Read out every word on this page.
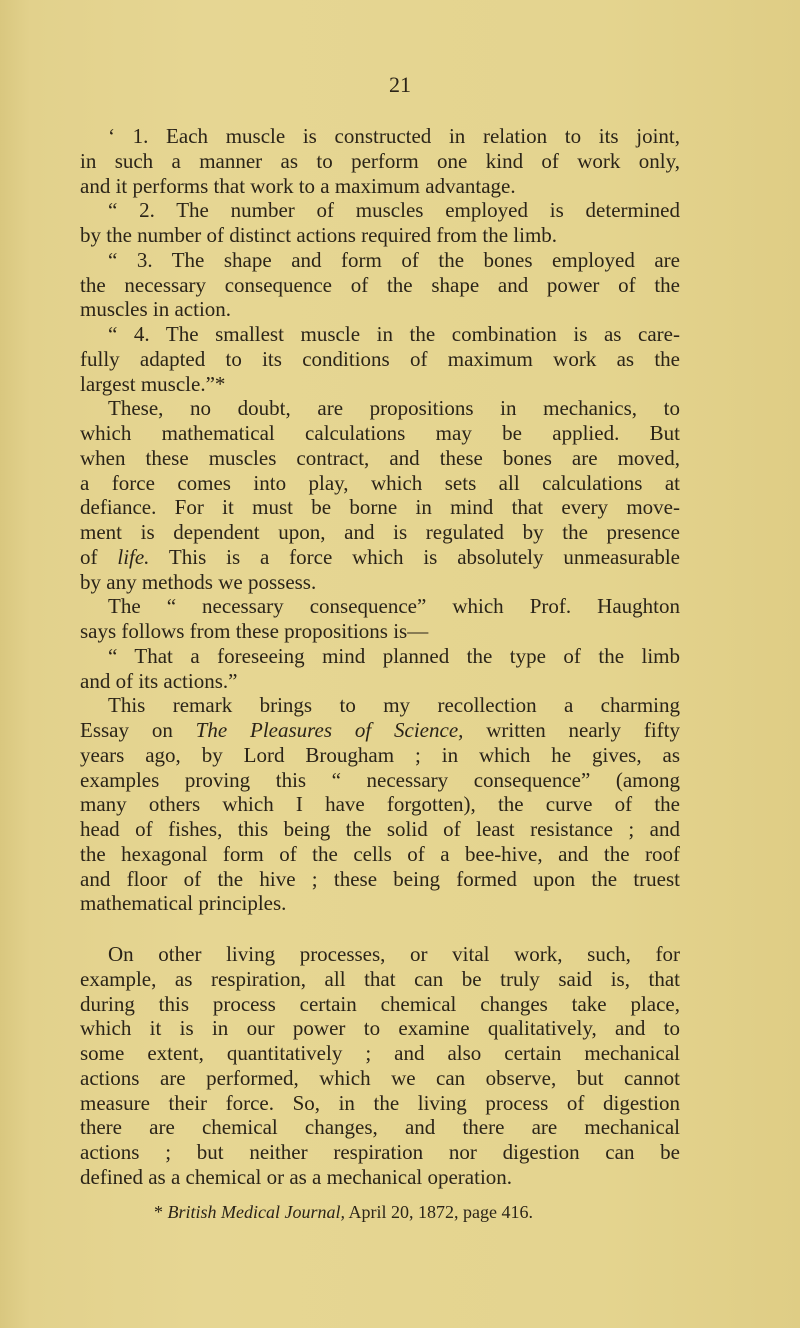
21
‘ 1. Each muscle is constructed in relation to its joint,
in such a manner as to perform one kind of work only,
and it performs that work to a maximum advantage.
“ 2. The number of muscles employed is determined
by the number of distinct actions required from the limb.
“ 3. The shape and form of the bones employed are
the necessary consequence of the shape and power of the
muscles in action.
“ 4. The smallest muscle in the combination is as care-
fully adapted to its conditions of maximum work as the
largest muscle.”*
These, no doubt, are propositions in mechanics, to
which mathematical calculations may be applied. But
when these muscles contract, and these bones are moved,
a force comes into play, which sets all calculations at
defiance. For it must be borne in mind that every move-
ment is dependent upon, and is regulated by the presence
of life. This is a force which is absolutely unmeasurable
by any methods we possess.
The “ necessary consequence” which Prof. Haughton
says follows from these propositions is—
“ That a foreseeing mind planned the type of the limb
and of its actions.”
This remark brings to my recollection a charming
Essay on The Pleasures of Science, written nearly fifty
years ago, by Lord Brougham ; in which he gives, as
examples proving this “ necessary consequence” (among
many others which I have forgotten), the curve of the
head of fishes, this being the solid of least resistance ; and
the hexagonal form of the cells of a bee-hive, and the roof
and floor of the hive ; these being formed upon the truest
mathematical principles.
On other living processes, or vital work, such, for
example, as respiration, all that can be truly said is, that
during this process certain chemical changes take place,
which it is in our power to examine qualitatively, and to
some extent, quantitatively ; and also certain mechanical
actions are performed, which we can observe, but cannot
measure their force. So, in the living process of digestion
there are chemical changes, and there are mechanical
actions ; but neither respiration nor digestion can be
defined as a chemical or as a mechanical operation.
* British Medical Journal, April 20, 1872, page 416.
